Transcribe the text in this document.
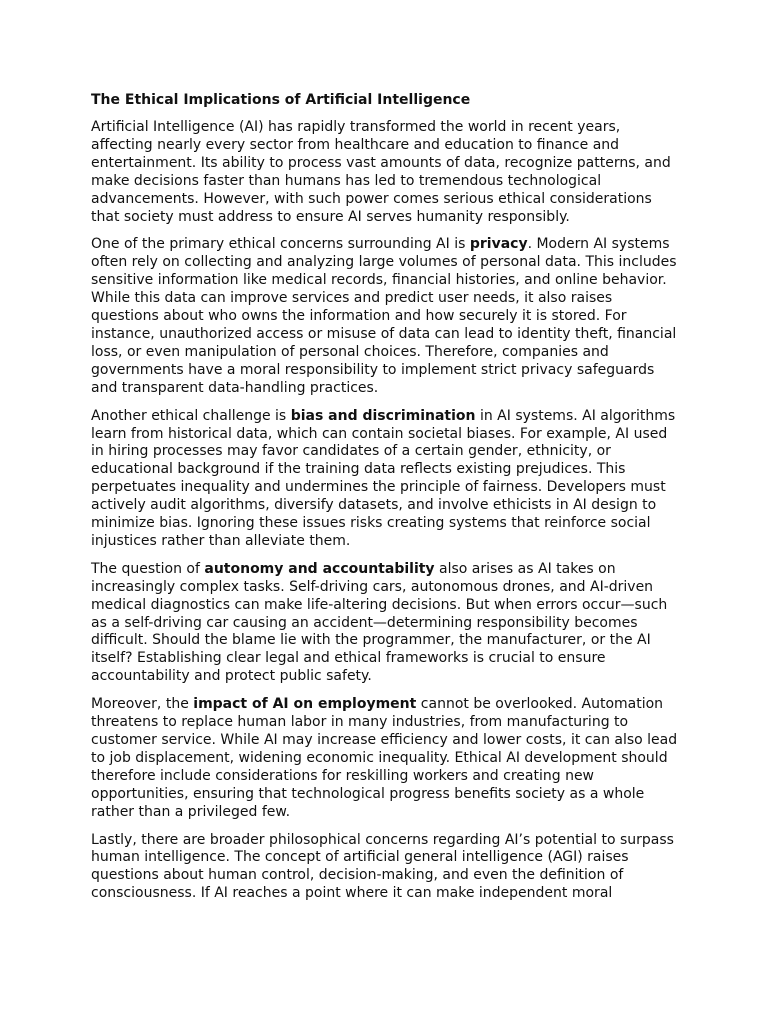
The Ethical Implications of Artificial Intelligence

Artificial Intelligence (AI) has rapidly transformed the world in recent years, affecting nearly every sector from healthcare and education to finance and entertainment. Its ability to process vast amounts of data, recognize patterns, and make decisions faster than humans has led to tremendous technological advancements. However, with such power comes serious ethical considerations that society must address to ensure AI serves humanity responsibly.

One of the primary ethical concerns surrounding AI is privacy. Modern AI systems often rely on collecting and analyzing large volumes of personal data. This includes sensitive information like medical records, financial histories, and online behavior. While this data can improve services and predict user needs, it also raises questions about who owns the information and how securely it is stored. For instance, unauthorized access or misuse of data can lead to identity theft, financial loss, or even manipulation of personal choices. Therefore, companies and governments have a moral responsibility to implement strict privacy safeguards and transparent data-handling practices.

Another ethical challenge is bias and discrimination in AI systems. AI algorithms learn from historical data, which can contain societal biases. For example, AI used in hiring processes may favor candidates of a certain gender, ethnicity, or educational background if the training data reflects existing prejudices. This perpetuates inequality and undermines the principle of fairness. Developers must actively audit algorithms, diversify datasets, and involve ethicists in AI design to minimize bias. Ignoring these issues risks creating systems that reinforce social injustices rather than alleviate them.

The question of autonomy and accountability also arises as AI takes on increasingly complex tasks. Self-driving cars, autonomous drones, and AI-driven medical diagnostics can make life-altering decisions. But when errors occur—such as a self-driving car causing an accident—determining responsibility becomes difficult. Should the blame lie with the programmer, the manufacturer, or the AI itself? Establishing clear legal and ethical frameworks is crucial to ensure accountability and protect public safety.

Moreover, the impact of AI on employment cannot be overlooked. Automation threatens to replace human labor in many industries, from manufacturing to customer service. While AI may increase efficiency and lower costs, it can also lead to job displacement, widening economic inequality. Ethical AI development should therefore include considerations for reskilling workers and creating new opportunities, ensuring that technological progress benefits society as a whole rather than a privileged few.

Lastly, there are broader philosophical concerns regarding AI’s potential to surpass human intelligence. The concept of artificial general intelligence (AGI) raises questions about human control, decision-making, and even the definition of consciousness. If AI reaches a point where it can make independent moral
